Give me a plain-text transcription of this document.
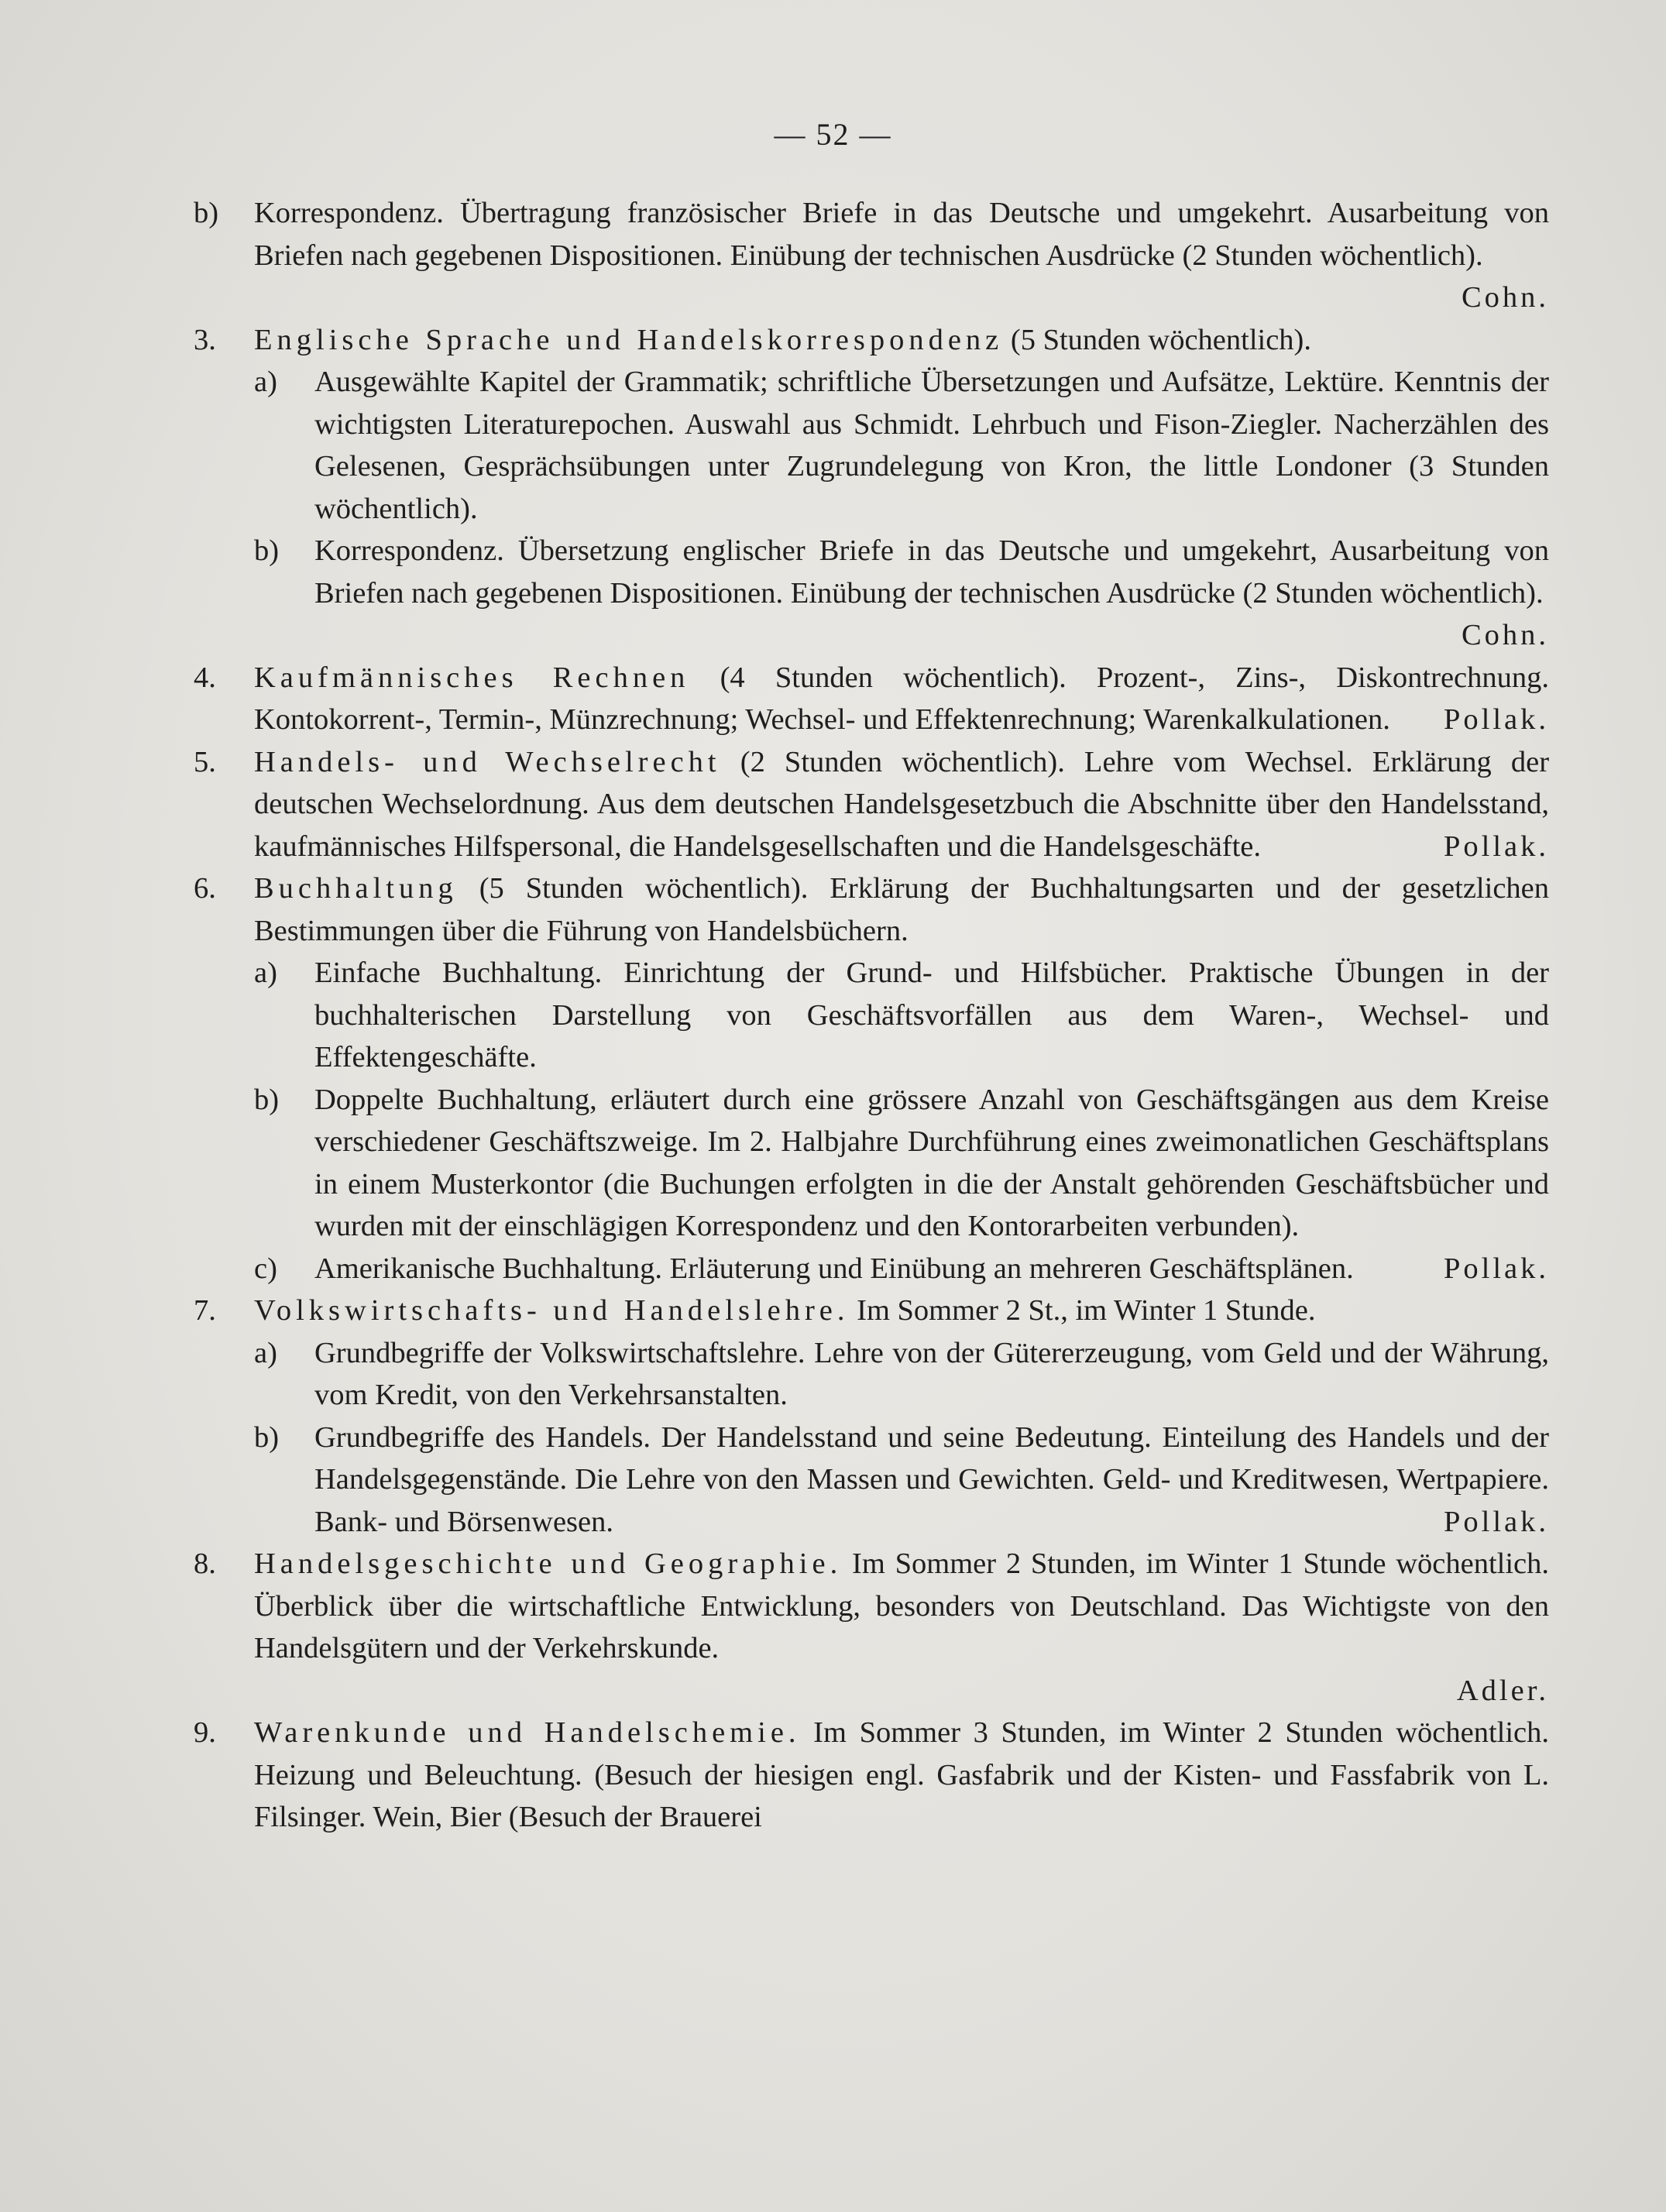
— 52 —
b) Korrespondenz. Übertragung französischer Briefe in das Deutsche und umgekehrt. Ausarbeitung von Briefen nach gegebenen Dispositionen. Einübung der technischen Ausdrücke (2 Stunden wöchentlich).
Cohn.
3. Englische Sprache und Handelskorrespondenz (5 Stunden wöchentlich).
a) Ausgewählte Kapitel der Grammatik; schriftliche Übersetzungen und Aufsätze, Lektüre. Kenntnis der wichtigsten Literaturepochen. Auswahl aus Schmidt. Lehrbuch und Fison-Ziegler. Nacherzählen des Gelesenen, Gesprächsübungen unter Zugrundelegung von Kron, the little Londoner (3 Stunden wöchentlich).
b) Korrespondenz. Übersetzung englischer Briefe in das Deutsche und umgekehrt, Ausarbeitung von Briefen nach gegebenen Dispositionen. Einübung der technischen Ausdrücke (2 Stunden wöchentlich).
Cohn.
4. Kaufmännisches Rechnen (4 Stunden wöchentlich). Prozent-, Zins-, Diskontrechnung. Kontokorrent-, Termin-, Münzrechnung; Wechsel- und Effektenrechnung; Warenkalkulationen. Pollak.
5. Handels- und Wechselrecht (2 Stunden wöchentlich). Lehre vom Wechsel. Erklärung der deutschen Wechselordnung. Aus dem deutschen Handelsgesetzbuch die Abschnitte über den Handelsstand, kaufmännisches Hilfspersonal, die Handelsgesellschaften und die Handelsgeschäfte.	Pollak.
6. Buchhaltung (5 Stunden wöchentlich). Erklärung der Buchhaltungsarten und der gesetzlichen Bestimmungen über die Führung von Handelsbüchern.
a) Einfache Buchhaltung. Einrichtung der Grund- und Hilfsbücher. Praktische Übungen in der buchhalterischen Darstellung von Geschäftsvorfällen aus dem Waren-, Wechsel- und Effektengeschäfte.
b) Doppelte Buchhaltung, erläutert durch eine grössere Anzahl von Geschäftsgängen aus dem Kreise verschiedener Geschäftszweige. Im 2. Halbjahre Durchführung eines zweimonatlichen Geschäftsplans in einem Musterkontor (die Buchungen erfolgten in die der Anstalt gehörenden Geschäftsbücher und wurden mit der einschlägigen Korrespondenz und den Kontorarbeiten verbunden).
c) Amerikanische Buchhaltung. Erläuterung und Einübung an mehreren Geschäftsplänen.	Pollak.
7. Volkswirtschafts- und Handelslehre. Im Sommer 2 St., im Winter 1 Stunde.
a) Grundbegriffe der Volkswirtschaftslehre. Lehre von der Gütererzeugung, vom Geld und der Währung, vom Kredit, von den Verkehrsanstalten.
b) Grundbegriffe des Handels. Der Handelsstand und seine Bedeutung. Einteilung des Handels und der Handelsgegenstände. Die Lehre von den Massen und Gewichten. Geld- und Kreditwesen, Wertpapiere. Bank- und Börsenwesen.	Pollak.
8. Handelsgeschichte und Geographie. Im Sommer 2 Stunden, im Winter 1 Stunde wöchentlich. Überblick über die wirtschaftliche Entwicklung, besonders von Deutschland. Das Wichtigste von den Handelsgütern und der Verkehrskunde.
Adler.
9. Warenkunde und Handelschemie. Im Sommer 3 Stunden, im Winter 2 Stunden wöchentlich. Heizung und Beleuchtung. (Besuch der hiesigen engl. Gasfabrik und der Kisten- und Fassfabrik von L. Filsinger. Wein, Bier (Besuch der Brauerei
